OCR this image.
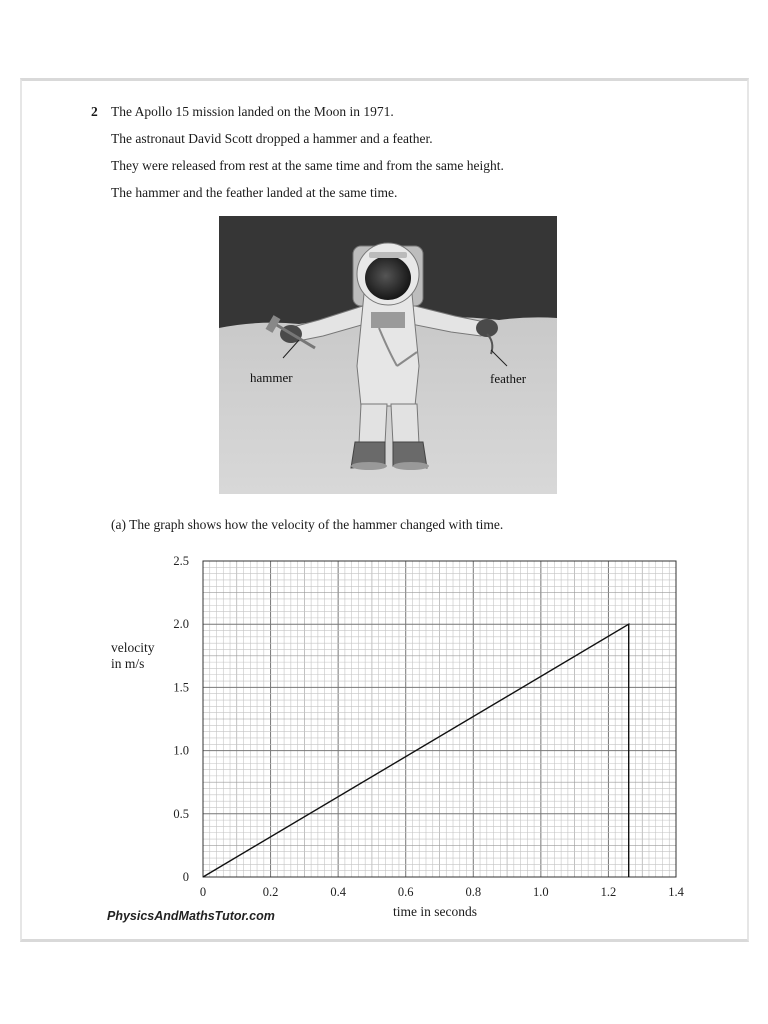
2 The Apollo 15 mission landed on the Moon in 1971.
The astronaut David Scott dropped a hammer and a feather.
They were released from rest at the same time and from the same height.
The hammer and the feather landed at the same time.
hammer	feather
(a) The graph shows how the velocity of the hammer changed with time.
0	0.2	0.4	0.6	0.8	1.0	1.2	1.4
0
0.5
1.0
1.5
2.0
2.5
velocity
in m/s
time in seconds
PhysicsAndMathsTutor.com
